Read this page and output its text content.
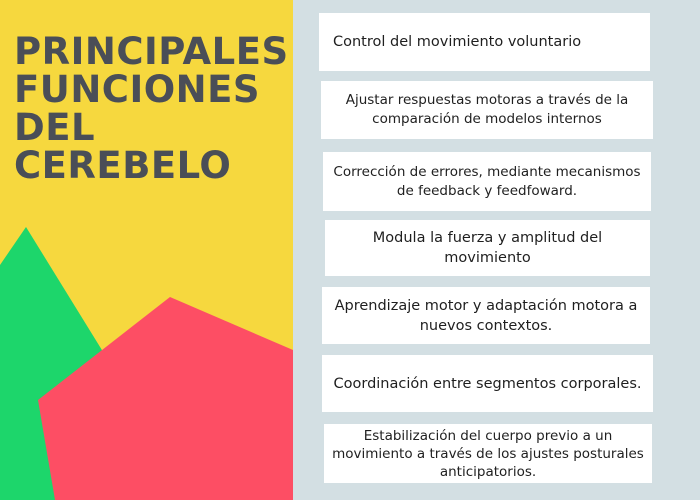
PRINCIPALES
FUNCIONES
DEL
CEREBELO
Control del movimiento voluntario
Ajustar respuestas motoras a través de la comparación de modelos internos
Corrección de errores, mediante mecanismos de feedback y feedfoward.
Modula la fuerza y amplitud del movimiento
Aprendizaje motor y adaptación motora a nuevos contextos.
Coordinación entre segmentos corporales.
Estabilización del cuerpo previo a un movimiento a través de los ajustes posturales anticipatorios.
